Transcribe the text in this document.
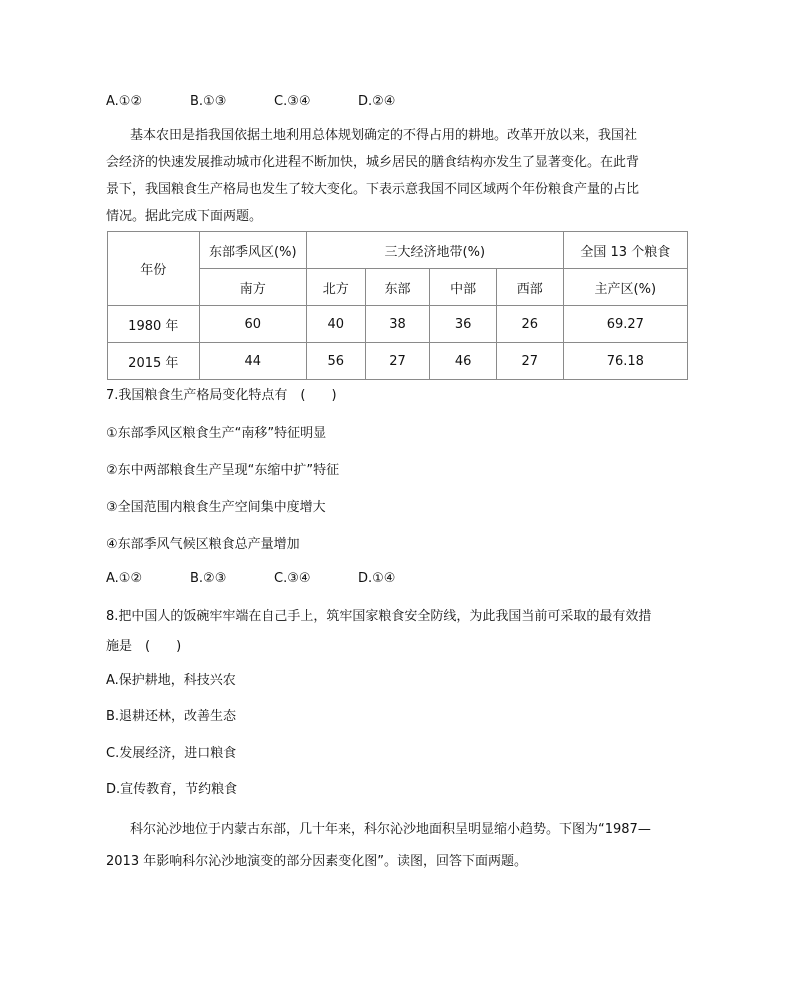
A.①②	B.①③	C.③④	D.②④
基本农田是指我国依据土地利用总体规划确定的不得占用的耕地。改革开放以来，我国社
会经济的快速发展推动城市化进程不断加快，城乡居民的膳食结构亦发生了显著变化。在此背
景下，我国粮食生产格局也发生了较大变化。下表示意我国不同区域两个年份粮食产量的占比
情况。据此完成下面两题。
年份	东部季风区(%)	三大经济地带(%)				全国 13 个粮食
	南方	北方	东部	中部	西部	主产区(%)
1980 年	60	40	38	36	26	69.27
2015 年	44	56	27	46	27	76.18
7.我国粮食生产格局变化特点有　(　　)
①东部季风区粮食生产“南移”特征明显
②东中两部粮食生产呈现“东缩中扩”特征
③全国范围内粮食生产空间集中度增大
④东部季风气候区粮食总产量增加
A.①②	B.②③	C.③④	D.①④
8.把中国人的饭碗牢牢端在自己手上，筑牢国家粮食安全防线，为此我国当前可采取的最有效措
施是　(　　)
A.保护耕地，科技兴农
B.退耕还林，改善生态
C.发展经济，进口粮食
D.宣传教育，节约粮食
科尔沁沙地位于内蒙古东部，几十年来，科尔沁沙地面积呈明显缩小趋势。下图为“1987—
2013 年影响科尔沁沙地演变的部分因素变化图”。读图，回答下面两题。
